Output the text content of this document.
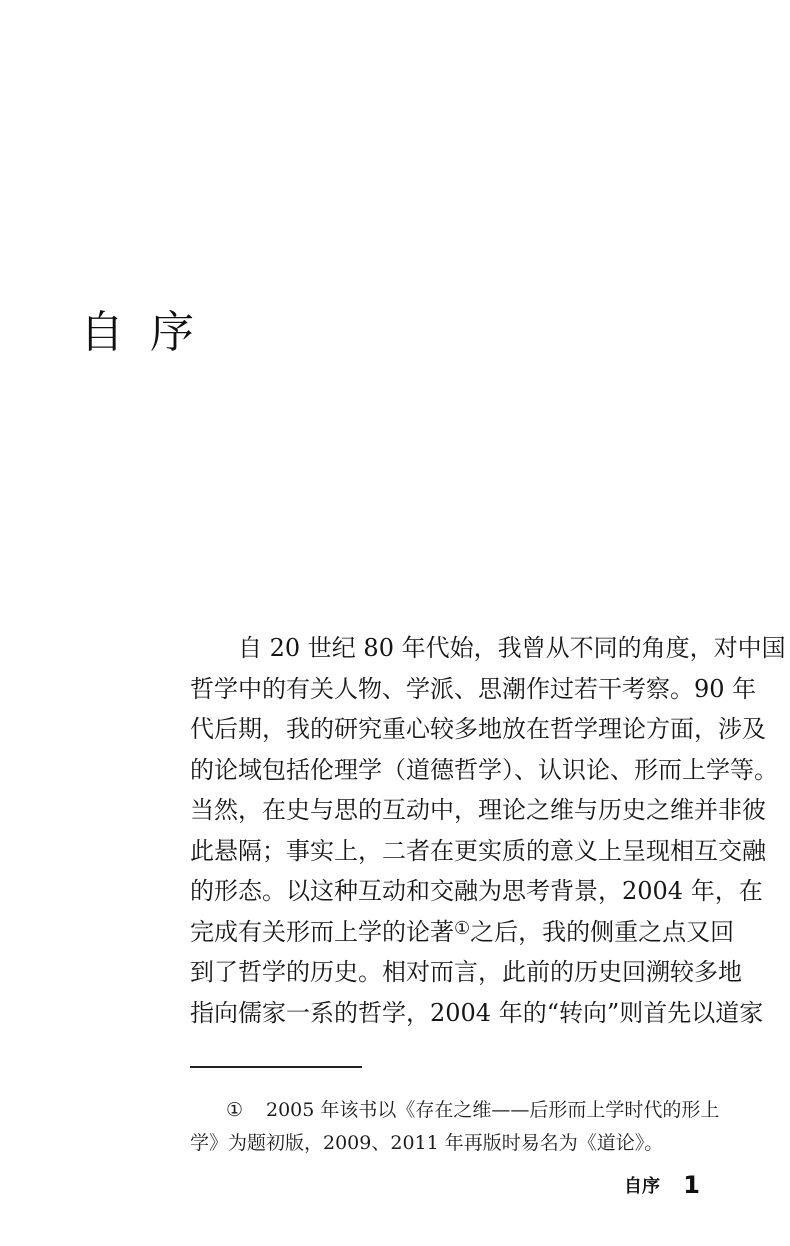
自序
自 20 世纪 80 年代始，我曾从不同的角度，对中国
哲学中的有关人物、学派、思潮作过若干考察。90 年
代后期，我的研究重心较多地放在哲学理论方面，涉及
的论域包括伦理学（道德哲学）、认识论、形而上学等。
当然，在史与思的互动中，理论之维与历史之维并非彼
此悬隔；事实上，二者在更实质的意义上呈现相互交融
的形态。以这种互动和交融为思考背景，2004 年，在
完成有关形而上学的论著①之后，我的侧重之点又回
到了哲学的历史。相对而言，此前的历史回溯较多地
指向儒家一系的哲学，2004 年的“转向”则首先以道家
① 2005 年该书以《存在之维——后形而上学时代的形上
学》为题初版，2009、2011 年再版时易名为《道论》。
自序 1
